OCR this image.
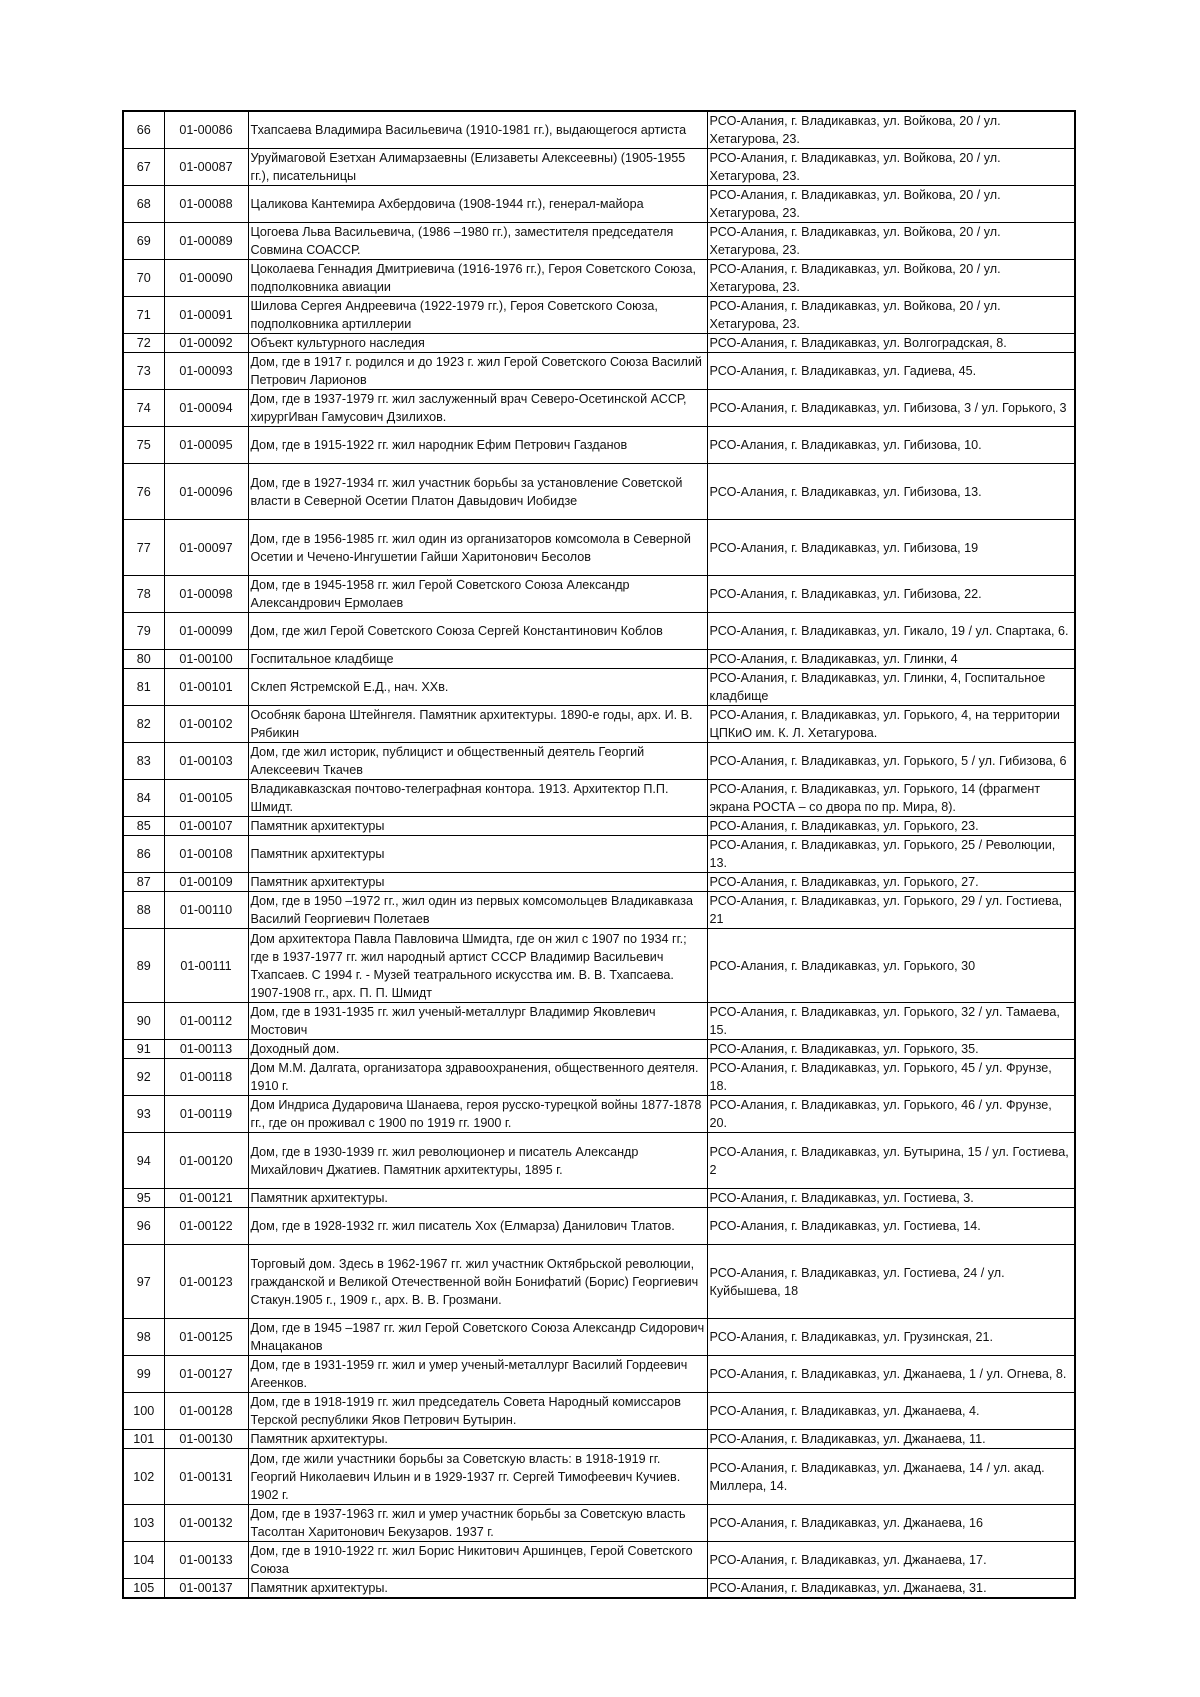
66	01-00086	Тхапсаева Владимира Васильевича (1910-1981 гг.), выдающегося артиста	РСО-Алания, г. Владикавказ, ул. Войкова, 20 / ул. Хетагурова, 23.
67	01-00087	Уруймаговой Езетхан Алимарзаевны (Елизаветы Алексеевны) (1905-1955 гг.), писательницы	РСО-Алания, г. Владикавказ, ул. Войкова, 20 / ул. Хетагурова, 23.
68	01-00088	Цаликова Кантемира Ахбердовича (1908-1944 гг.), генерал-майора	РСО-Алания, г. Владикавказ, ул. Войкова, 20 / ул. Хетагурова, 23.
69	01-00089	Цогоева Льва Васильевича, (1986 –1980 гг.), заместителя председателя Совмина СОАССР.	РСО-Алания, г. Владикавказ, ул. Войкова, 20 / ул. Хетагурова, 23.
70	01-00090	Цоколаева Геннадия Дмитриевича (1916-1976 гг.), Героя Советского Союза, подполковника авиации	РСО-Алания, г. Владикавказ, ул. Войкова, 20 / ул. Хетагурова, 23.
71	01-00091	Шилова Сергея Андреевича (1922-1979 гг.), Героя Советского Союза, подполковника артиллерии	РСО-Алания, г. Владикавказ, ул. Войкова, 20 / ул. Хетагурова, 23.
72	01-00092	Объект культурного наследия	РСО-Алания, г. Владикавказ, ул. Волгоградская, 8.
73	01-00093	Дом, где в 1917 г. родился и до 1923 г. жил Герой Советского Союза Василий Петрович Ларионов	РСО-Алания, г. Владикавказ, ул. Гадиева, 45.
74	01-00094	Дом, где в 1937-1979 гг. жил заслуженный врач Северо-Осетинской АССР, хирургИван Гамусович Дзилихов.	РСО-Алания, г. Владикавказ, ул. Гибизова, 3 / ул. Горького, 3
75	01-00095	Дом, где в 1915-1922 гг. жил народник Ефим Петрович Газданов	РСО-Алания, г. Владикавказ, ул. Гибизова, 10.
76	01-00096	Дом, где в 1927-1934 гг. жил участник борьбы за установление Советской власти в Северной Осетии Платон Давыдович Иобидзе	РСО-Алания, г. Владикавказ, ул. Гибизова, 13.
77	01-00097	Дом, где в 1956-1985 гг. жил один из организаторов комсомола в Северной Осетии и Чечено-Ингушетии Гайши Харитонович Бесолов	РСО-Алания, г. Владикавказ, ул. Гибизова, 19
78	01-00098	Дом, где в 1945-1958 гг. жил Герой Советского Союза Александр Александрович Ермолаев	РСО-Алания, г. Владикавказ, ул. Гибизова, 22.
79	01-00099	Дом, где жил Герой Советского Союза Сергей Константинович Коблов	РСО-Алания, г. Владикавказ, ул. Гикало, 19 / ул. Спартака, 6.
80	01-00100	Госпитальное кладбище	РСО-Алания, г. Владикавказ, ул. Глинки, 4
81	01-00101	Склеп Ястремской Е.Д., нач. XXв.	РСО-Алания, г. Владикавказ, ул. Глинки, 4, Госпитальное кладбище
82	01-00102	Особняк барона Штейнгеля. Памятник архитектуры. 1890-е годы, арх. И. В. Рябикин	РСО-Алания, г. Владикавказ, ул. Горького, 4, на территории ЦПКиО им. К. Л. Хетагурова.
83	01-00103	Дом, где жил историк, публицист и общественный деятель Георгий Алексеевич Ткачев	РСО-Алания, г. Владикавказ, ул. Горького, 5 / ул. Гибизова, 6
84	01-00105	Владикавказская почтово-телеграфная контора. 1913. Архитектор П.П. Шмидт.	РСО-Алания, г. Владикавказ, ул. Горького, 14 (фрагмент экрана РОСТА – со двора по пр. Мира, 8).
85	01-00107	Памятник архитектуры	РСО-Алания, г. Владикавказ, ул. Горького, 23.
86	01-00108	Памятник архитектуры	РСО-Алания, г. Владикавказ, ул. Горького, 25 / Революции, 13.
87	01-00109	Памятник архитектуры	РСО-Алания, г. Владикавказ, ул. Горького, 27.
88	01-00110	Дом, где в 1950 –1972 гг., жил один из первых комсомольцев Владикавказа Василий Георгиевич Полетаев	РСО-Алания, г. Владикавказ, ул. Горького, 29 / ул. Гостиева, 21
89	01-00111	Дом архитектора Павла Павловича Шмидта, где он жил с 1907 по 1934 гг.; где в 1937-1977 гг. жил народный артист СССР Владимир Васильевич Тхапсаев. С 1994 г. - Музей театрального искусства им. В. В. Тхапсаева. 1907-1908 гг., арх. П. П. Шмидт	РСО-Алания, г. Владикавказ, ул. Горького, 30
90	01-00112	Дом, где в 1931-1935 гг. жил ученый-металлург Владимир Яковлевич Мостович	РСО-Алания, г. Владикавказ, ул. Горького, 32 / ул. Тамаева, 15.
91	01-00113	Доходный дом.	РСО-Алания, г. Владикавказ, ул. Горького, 35.
92	01-00118	Дом М.М. Далгата, организатора здравоохранения, общественного деятеля. 1910 г.	РСО-Алания, г. Владикавказ, ул. Горького, 45 / ул. Фрунзе, 18.
93	01-00119	Дом Индриса Дударовича Шанаева, героя русско-турецкой войны 1877-1878 гг., где он проживал с 1900 по 1919 гг. 1900 г.	РСО-Алания, г. Владикавказ, ул. Горького, 46 / ул. Фрунзе, 20.
94	01-00120	Дом, где в 1930-1939 гг. жил революционер и писатель Александр Михайлович Джатиев. Памятник архитектуры, 1895 г.	РСО-Алания, г. Владикавказ, ул. Бутырина, 15 / ул. Гостиева, 2
95	01-00121	Памятник архитектуры.	РСО-Алания, г. Владикавказ, ул. Гостиева, 3.
96	01-00122	Дом, где в 1928-1932 гг. жил писатель Хох (Елмарза) Данилович Тлатов.	РСО-Алания, г. Владикавказ, ул. Гостиева, 14.
97	01-00123	Торговый дом. Здесь в 1962-1967 гг. жил участник Октябрьской революции, гражданской и Великой Отечественной войн Бонифатий (Борис) Георгиевич Стакун.1905 г., 1909 г., арх. В. В. Грозмани.	РСО-Алания, г. Владикавказ, ул. Гостиева, 24 / ул. Куйбышева, 18
98	01-00125	Дом, где в 1945 –1987 гг. жил Герой Советского Союза Александр Сидорович Мнацаканов	РСО-Алания, г. Владикавказ, ул. Грузинская, 21.
99	01-00127	Дом, где в 1931-1959 гг. жил и умер ученый-металлург Василий Гордеевич Агеенков.	РСО-Алания, г. Владикавказ, ул. Джанаева, 1 / ул. Огнева, 8.
100	01-00128	Дом, где в 1918-1919 гг. жил председатель Совета Народный комиссаров Терской республики Яков Петрович Бутырин.	РСО-Алания, г. Владикавказ, ул. Джанаева, 4.
101	01-00130	Памятник архитектуры.	РСО-Алания, г. Владикавказ, ул. Джанаева, 11.
102	01-00131	Дом, где жили участники борьбы за Советскую власть: в 1918-1919 гг. Георгий Николаевич Ильин и в 1929-1937 гг. Сергей Тимофеевич Кучиев. 1902 г.	РСО-Алания, г. Владикавказ, ул. Джанаева, 14 / ул. акад. Миллера, 14.
103	01-00132	Дом, где в 1937-1963 гг. жил и умер участник борьбы за Советскую власть Тасолтан Харитонович Бекузаров. 1937 г.	РСО-Алания, г. Владикавказ, ул. Джанаева, 16
104	01-00133	Дом, где в 1910-1922 гг. жил Борис Никитович Аршинцев, Герой Советского Союза	РСО-Алания, г. Владикавказ, ул. Джанаева, 17.
105	01-00137	Памятник архитектуры.	РСО-Алания, г. Владикавказ, ул. Джанаева, 31.
